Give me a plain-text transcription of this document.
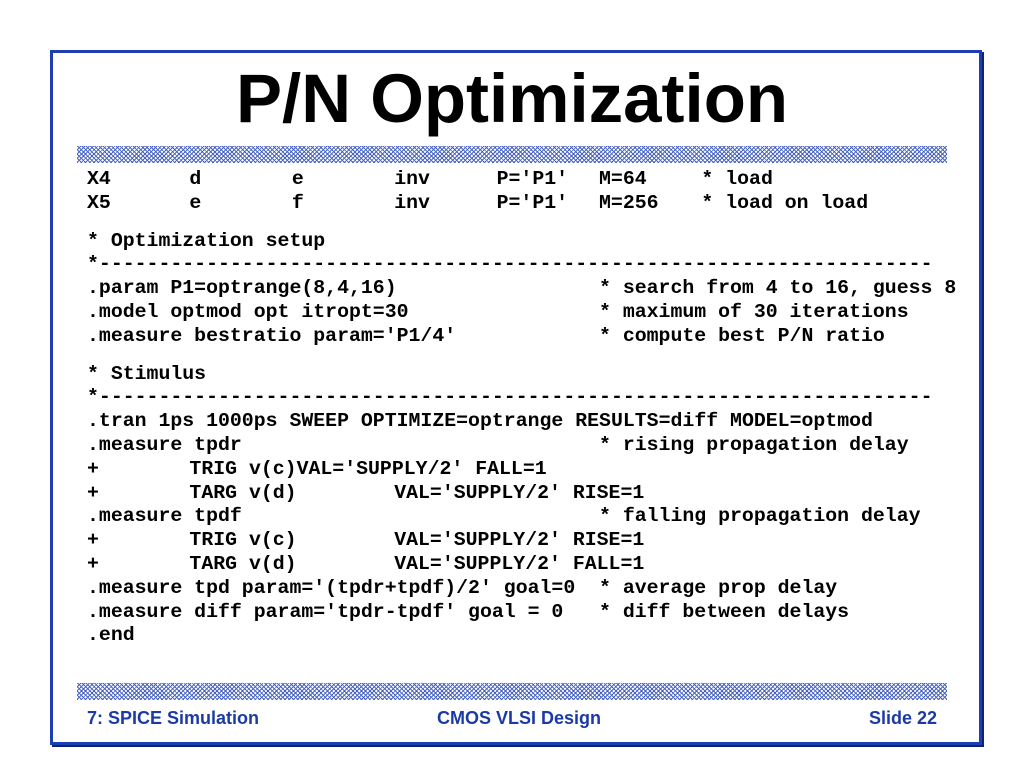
P/N Optimization
X4	d	e	inv	P='P1'	M=64	* load
X5	e	f	inv	P='P1'	M=256	* load on load
* Optimization setup
*----------------------------------------------------------------------
.param P1=optrange(8,4,16)		* search from 4 to 16, guess 8
.model optmod opt itropt=30		* maximum of 30 iterations
.measure bestratio param='P1/4'		* compute best P/N ratio
* Stimulus
*----------------------------------------------------------------------
.tran 1ps 1000ps SWEEP OPTIMIZE=optrange RESULTS=diff MODEL=optmod
.measure tpdr				* rising propagation delay
+	TRIG v(c)VAL='SUPPLY/2' FALL=1
+	TARG v(d)	VAL='SUPPLY/2' RISE=1
.measure tpdf				* falling propagation delay
+	TRIG v(c)	VAL='SUPPLY/2' RISE=1
+	TARG v(d)	VAL='SUPPLY/2' FALL=1
.measure tpd param='(tpdr+tpdf)/2' goal=0	* average prop delay
.measure diff param='tpdr-tpdf' goal = 0	* diff between delays
.end
7: SPICE Simulation	CMOS VLSI Design	Slide 22
